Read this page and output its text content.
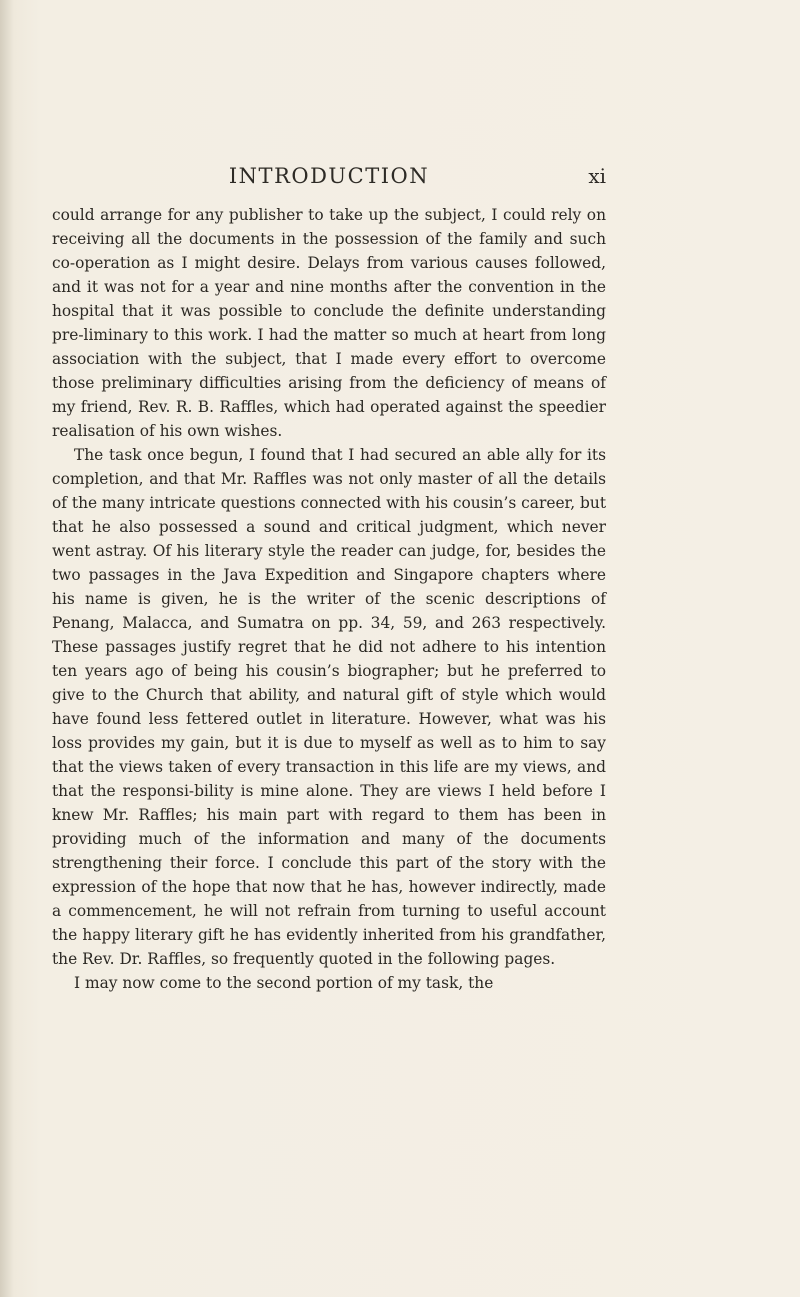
INTRODUCTION	xi

could arrange for any publisher to take up the subject, I could rely on receiving all the documents in the possession of the family and such co-operation as I might desire. Delays from various causes followed, and it was not for a year and nine months after the convention in the hospital that it was possible to conclude the definite understanding pre-liminary to this work. I had the matter so much at heart from long association with the subject, that I made every effort to overcome those preliminary difficulties arising from the deficiency of means of my friend, Rev. R. B. Raffles, which had operated against the speedier realisation of his own wishes.

The task once begun, I found that I had secured an able ally for its completion, and that Mr. Raffles was not only master of all the details of the many intricate questions connected with his cousin’s career, but that he also possessed a sound and critical judgment, which never went astray. Of his literary style the reader can judge, for, besides the two passages in the Java Expedition and Singapore chapters where his name is given, he is the writer of the scenic descriptions of Penang, Malacca, and Sumatra on pp. 34, 59, and 263 respectively. These passages justify regret that he did not adhere to his intention ten years ago of being his cousin’s biographer; but he preferred to give to the Church that ability, and natural gift of style which would have found less fettered outlet in literature. However, what was his loss provides my gain, but it is due to myself as well as to him to say that the views taken of every transaction in this life are my views, and that the responsi-bility is mine alone. They are views I held before I knew Mr. Raffles; his main part with regard to them has been in providing much of the information and many of the documents strengthening their force. I conclude this part of the story with the expression of the hope that now that he has, however indirectly, made a commencement, he will not refrain from turning to useful account the happy literary gift he has evidently inherited from his grandfather, the Rev. Dr. Raffles, so frequently quoted in the following pages.

I may now come to the second portion of my task, the
